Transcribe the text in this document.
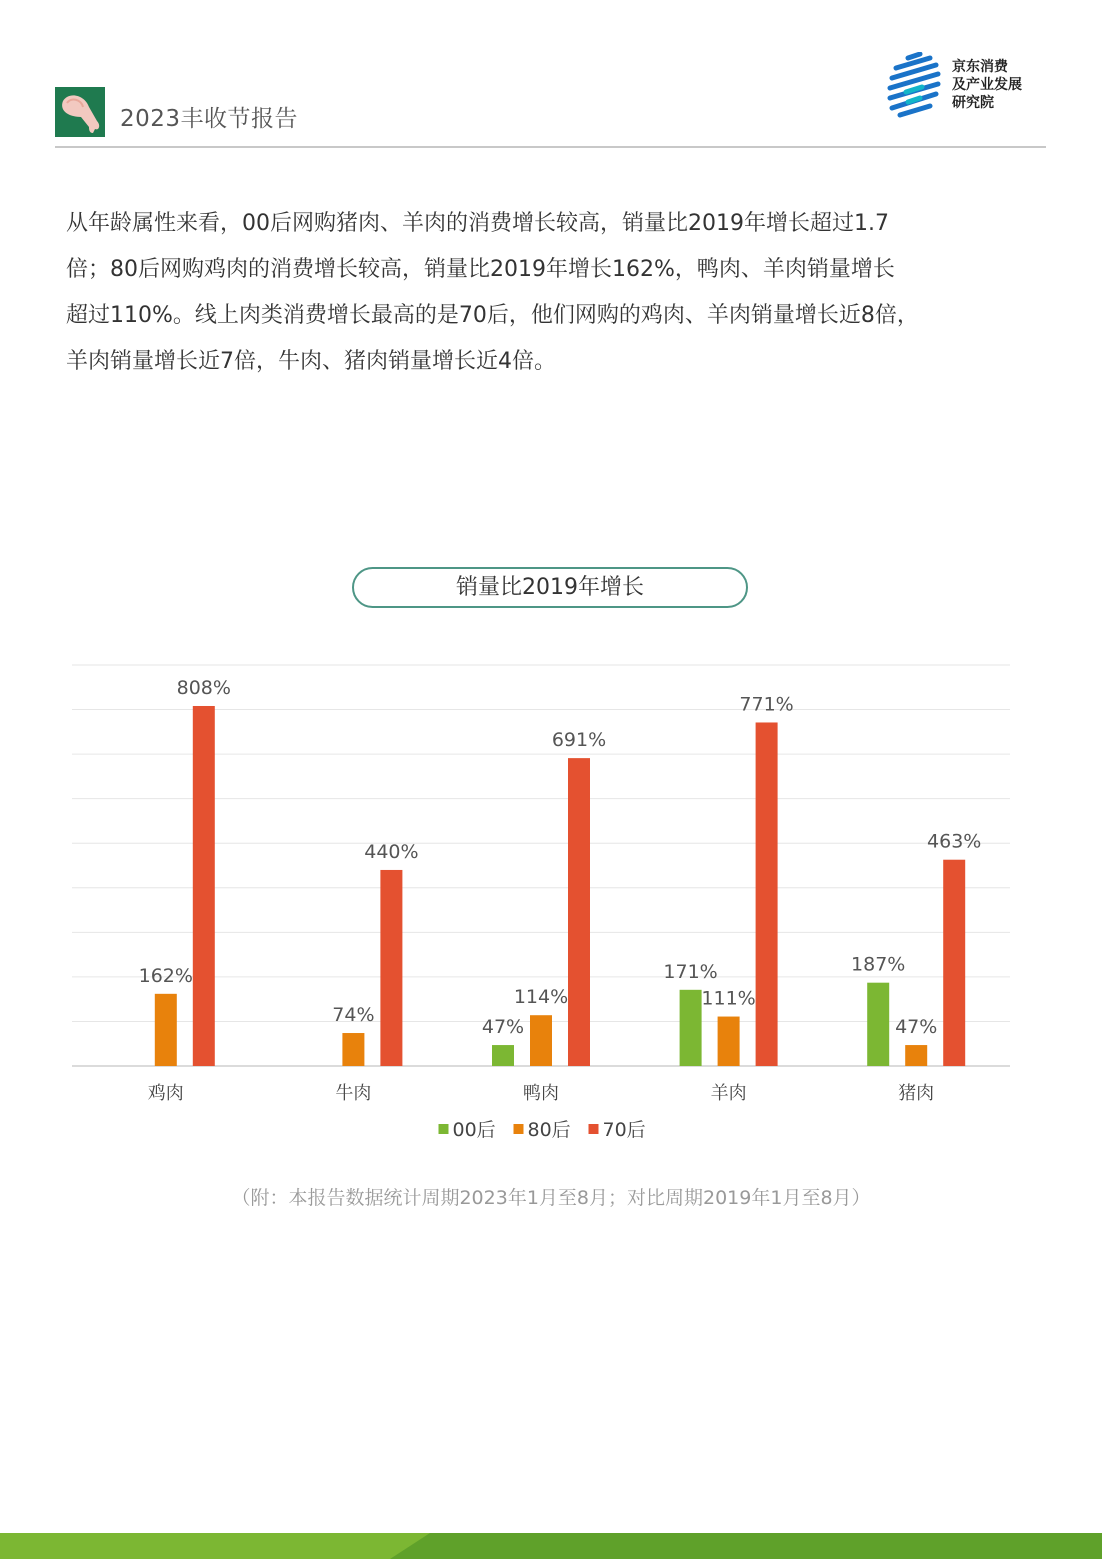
2023丰收节报告
京东消费
及产业发展
研究院
从年龄属性来看，00后网购猪肉、羊肉的消费增长较高，销量比2019年增长超过1.7
倍；80后网购鸡肉的消费增长较高，销量比2019年增长162%，鸭肉、羊肉销量增长
超过110%。线上肉类消费增长最高的是70后，他们网购的鸡肉、羊肉销量增长近8倍，
羊肉销量增长近7倍，牛肉、猪肉销量增长近4倍。
销量比2019年增长
鸡肉
162%
808%
牛肉
74%
440%
鸭肉
47%
114%
691%
羊肉
171%
111%
771%
猪肉
187%
47%
463%
00后 80后 70后
（附：本报告数据统计周期2023年1月至8月；对比周期2019年1月至8月）
